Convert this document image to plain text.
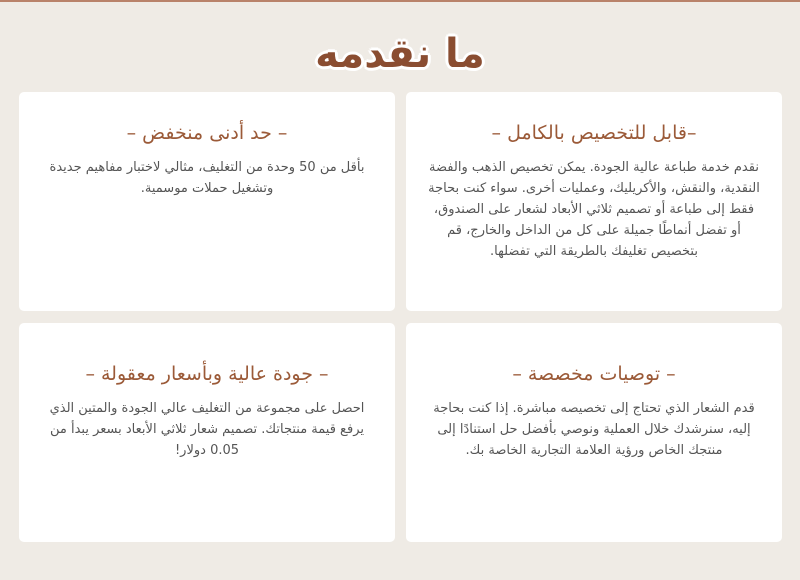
ما نقدمه
– قابل للتخصيص بالكامل–
نقدم خدمة طباعة عالية الجودة. يمكن تخصيص الذهب والفضة النقدية، والنقش، والأكريليك، وعمليات أخرى. سواء كنت بحاجة فقط إلى طباعة أو تصميم ثلاثي الأبعاد لشعار على الصندوق، أو تفضل أنماطًا جميلة على كل من الداخل والخارج، قم بتخصيص تغليفك بالطريقة التي تفضلها.
– حد أدنى منخفض –
بأقل من 50 وحدة من التغليف، مثالي لاختبار مفاهيم جديدة وتشغيل حملات موسمية.
– توصيات مخصصة –
قدم الشعار الذي تحتاج إلى تخصيصه مباشرة. إذا كنت بحاجة إليه، سنرشدك خلال العملية ونوصي بأفضل حل استنادًا إلى منتجك الخاص ورؤية العلامة التجارية الخاصة بك.
– جودة عالية وبأسعار معقولة –
احصل على مجموعة من التغليف عالي الجودة والمتين الذي يرفع قيمة منتجاتك. تصميم شعار ثلاثي الأبعاد بسعر يبدأ من 0.05 دولار!
